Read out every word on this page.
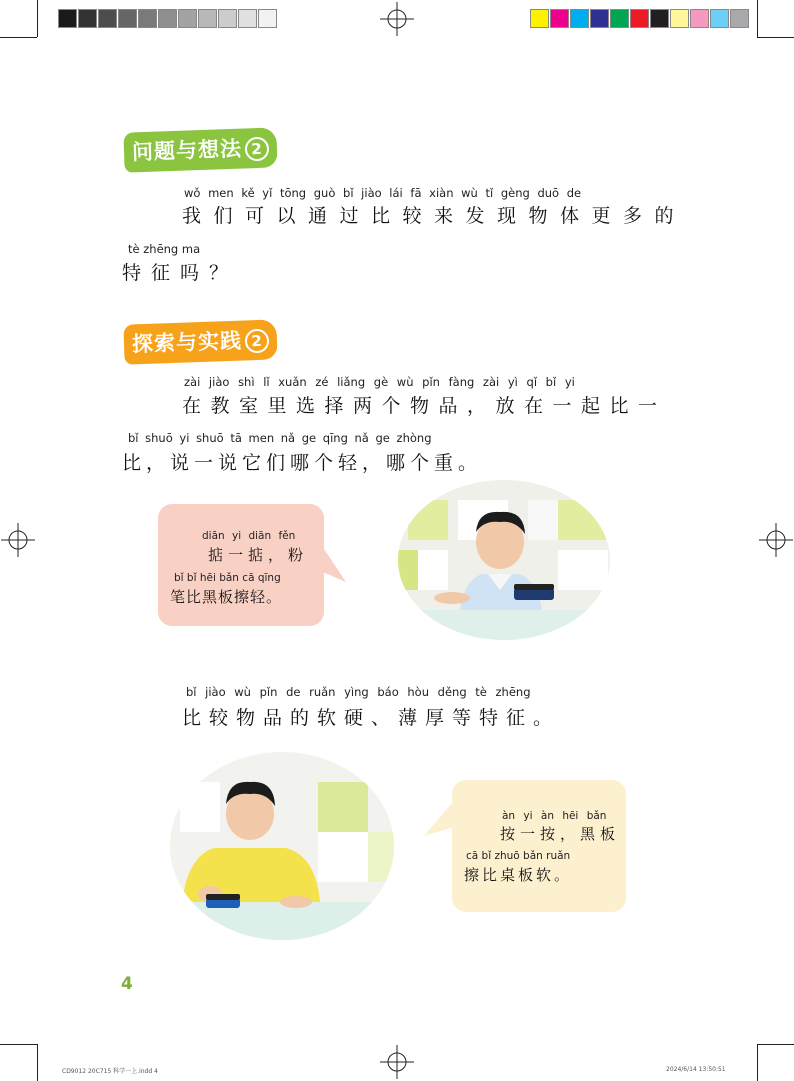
问题与想法 2
wǒ men kě yǐ tōng guò bǐ jiào lái fā xiàn wù tǐ gèng duō de
我们可以通过比较来发现物体更多的
tè zhēng ma
特征吗？
探索与实践 2
zài jiào shì lǐ xuǎn zé liǎng gè wù pǐn fàng zài yì qǐ bǐ yi
在教室里选择两个物品，放在一起比一
bǐ shuō yi shuō tā men nǎ ge qīng nǎ ge zhòng
比，说一说它们哪个轻，哪个重。
diān yi diān fěn
掂一掂，粉
bǐ bǐ hēi bǎn cā qīng
笔比黑板擦轻。
bǐ jiào wù pǐn de ruǎn yìng báo hòu děng tè zhēng
比较物品的软硬、薄厚等特征。
àn yi àn hēi bǎn
按一按，黑板
cā bǐ zhuō bǎn ruǎn
擦比桌板软。
4
CD9012 20C715 科学一上.indd 4	2024/6/14 13:50:51
